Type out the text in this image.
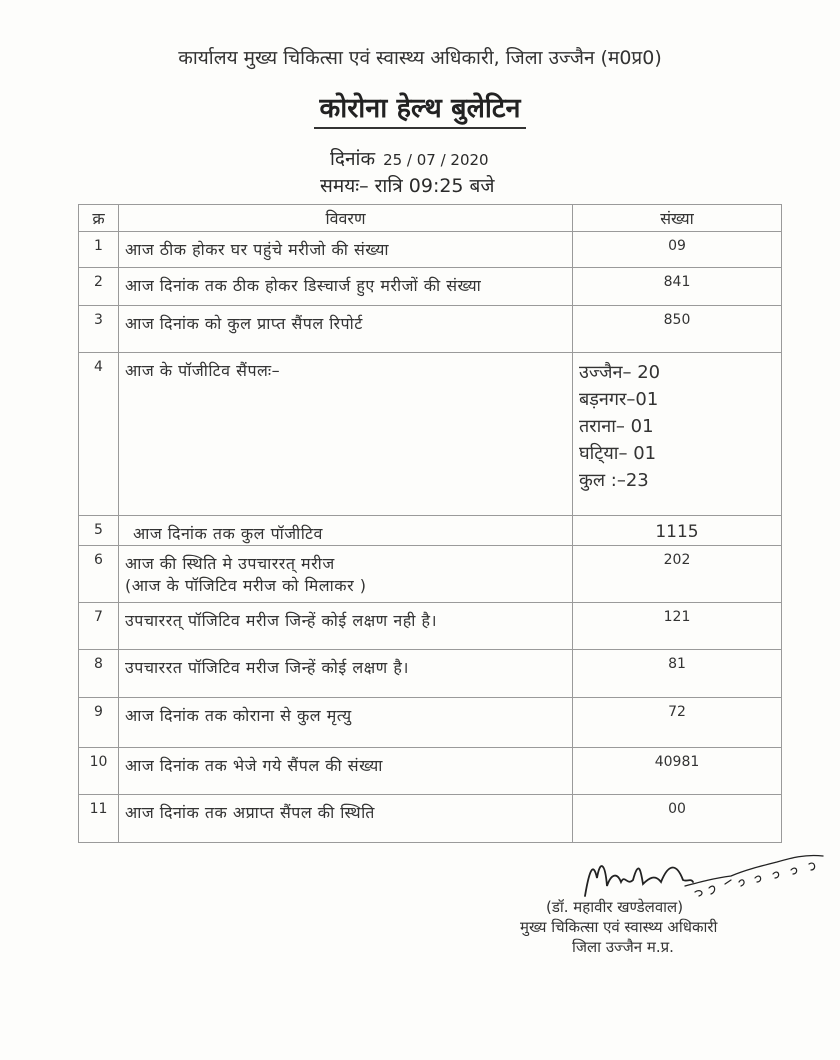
कार्यालय मुख्य चिकित्सा एवं स्वास्थ्य अधिकारी, जिला उज्जैन (म0प्र0)
कोरोना हेल्थ बुलेटिन
दिनांक 25 / 07 / 2020
समयः– रात्रि 09:25 बजे
क्र	विवरण	संख्या
1	आज ठीक होकर घर पहुंचे मरीजो की संख्या	09
2	आज दिनांक तक ठीक होकर डिस्चार्ज हुए मरीजों की संख्या	841
3	आज दिनांक को कुल प्राप्त सैंपल रिपोर्ट	850
4	आज के पॉजीटिव सैंपलः–	उज्जैन– 20
बड़नगर–01
तराना– 01
घटि्या– 01
कुल :–23

5	आज दिनांक तक कुल पॉजीटिव	1115
6	आज की स्थिति मे उपचाररत् मरीज
(आज के पॉजिटिव मरीज को मिलाकर )	202
7	उपचाररत् पॉजिटिव मरीज जिन्हें कोई लक्षण नही है।	121
8	उपचाररत पॉजिटिव मरीज जिन्हें कोई लक्षण है।	81
9	आज दिनांक तक कोराना से कुल मृत्यु	72
10	आज दिनांक तक भेजे गये सैंपल की संख्या	40981
11	आज दिनांक तक अप्राप्त सैंपल की स्थिति	00
(डॉ. महावीर खण्डेलवाल)
मुख्य चिकित्सा एवं स्वास्थ्य अधिकारी
जिला उज्जैन म.प्र.
